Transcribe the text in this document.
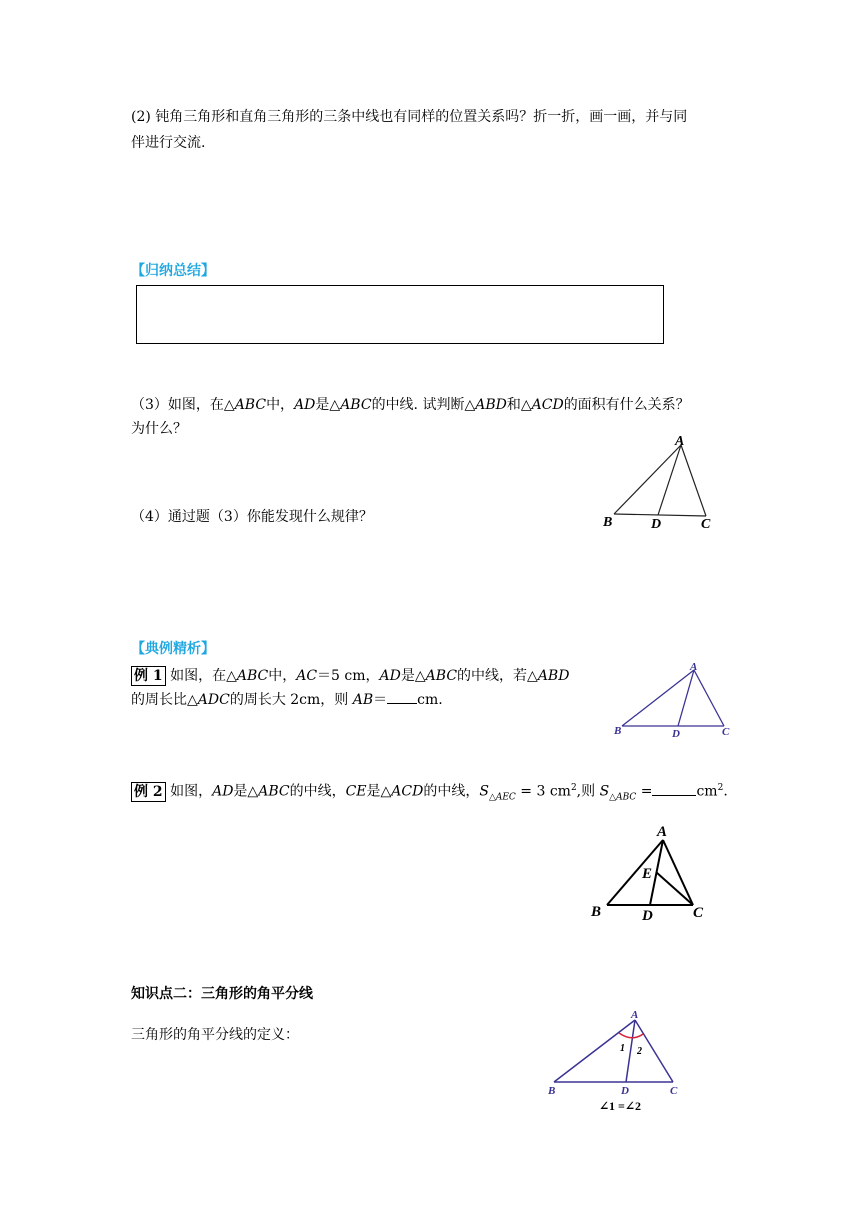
(2) 钝角三角形和直角三角形的三条中线也有同样的位置关系吗？折一折，画一画，并与同
伴进行交流.
【归纳总结】
（3）如图，在△ABC中，AD是△ABC的中线. 试判断△ABD和△ACD的面积有什么关系？
为什么？
A
B	D	C
（4）通过题（3）你能发现什么规律？
【典例精析】
例 1 如图，在△ABC中，AC＝5 cm，AD是△ABC的中线，若△ABD
的周长比△ADC的周长大 2cm，则 AB＝ cm.
A
B	D	C
例 2 如图，AD是△ABC的中线，CE是△ACD的中线，$S_{\triangle AEC} = 3$ $cm^2$,则 $S_{\triangle ABC}$ =	$cm^2$.
A
E
B	D	C
知识点二：三角形的角平分线
三角形的角平分线的定义：
A
B	D	C
1 2
∠1 =∠2
